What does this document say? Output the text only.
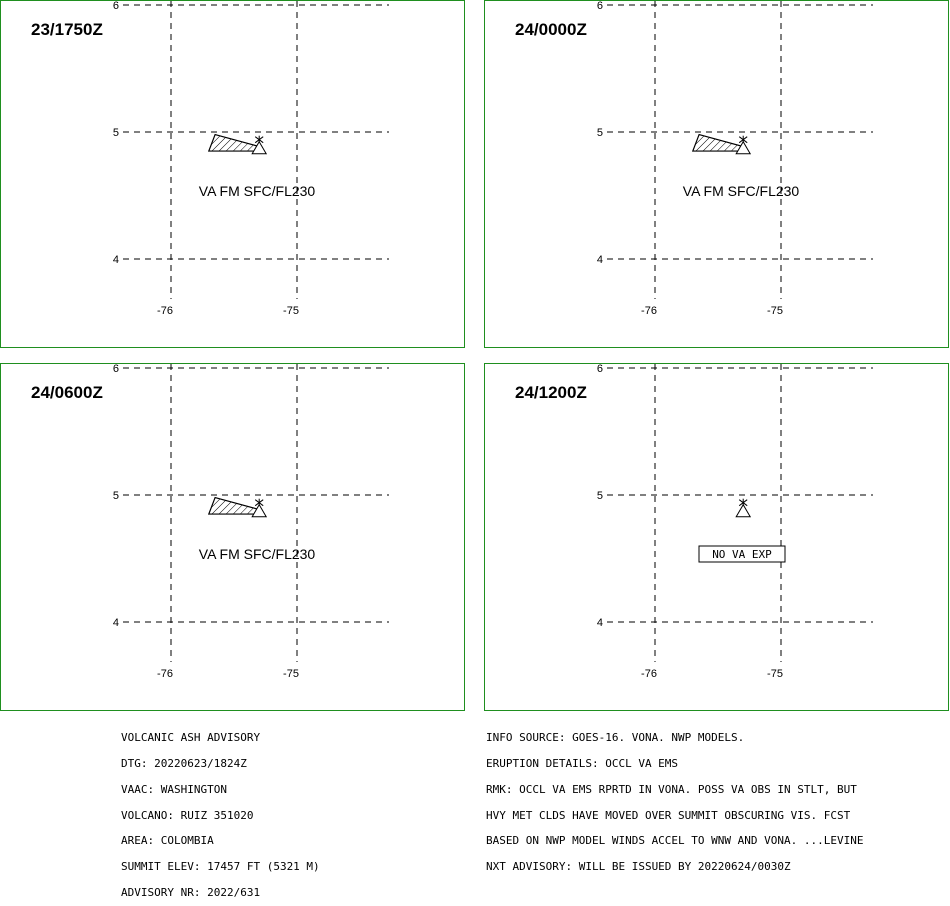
6
5
4
-76	-75
23/1750Z
VA FM SFC/FL230
6
5
4
-76	-75
24/0000Z
VA FM SFC/FL230
6
5
4
-76	-75
24/0600Z
VA FM SFC/FL230
6
5
4
-76	-75
24/1200Z
NO VA EXP

VOLCANIC ASH ADVISORY

DTG: 20220623/1824Z

VAAC: WASHINGTON

VOLCANO: RUIZ 351020

AREA: COLOMBIA

SUMMIT ELEV: 17457 FT (5321 M)

ADVISORY NR: 2022/631

INFO SOURCE: GOES-16. VONA. NWP MODELS.

ERUPTION DETAILS: OCCL VA EMS

RMK: OCCL VA EMS RPRTD IN VONA. POSS VA OBS IN STLT, BUT

HVY MET CLDS HAVE MOVED OVER SUMMIT OBSCURING VIS. FCST

BASED ON NWP MODEL WINDS ACCEL TO WNW AND VONA. ...LEVINE

NXT ADVISORY: WILL BE ISSUED BY 20220624/0030Z
